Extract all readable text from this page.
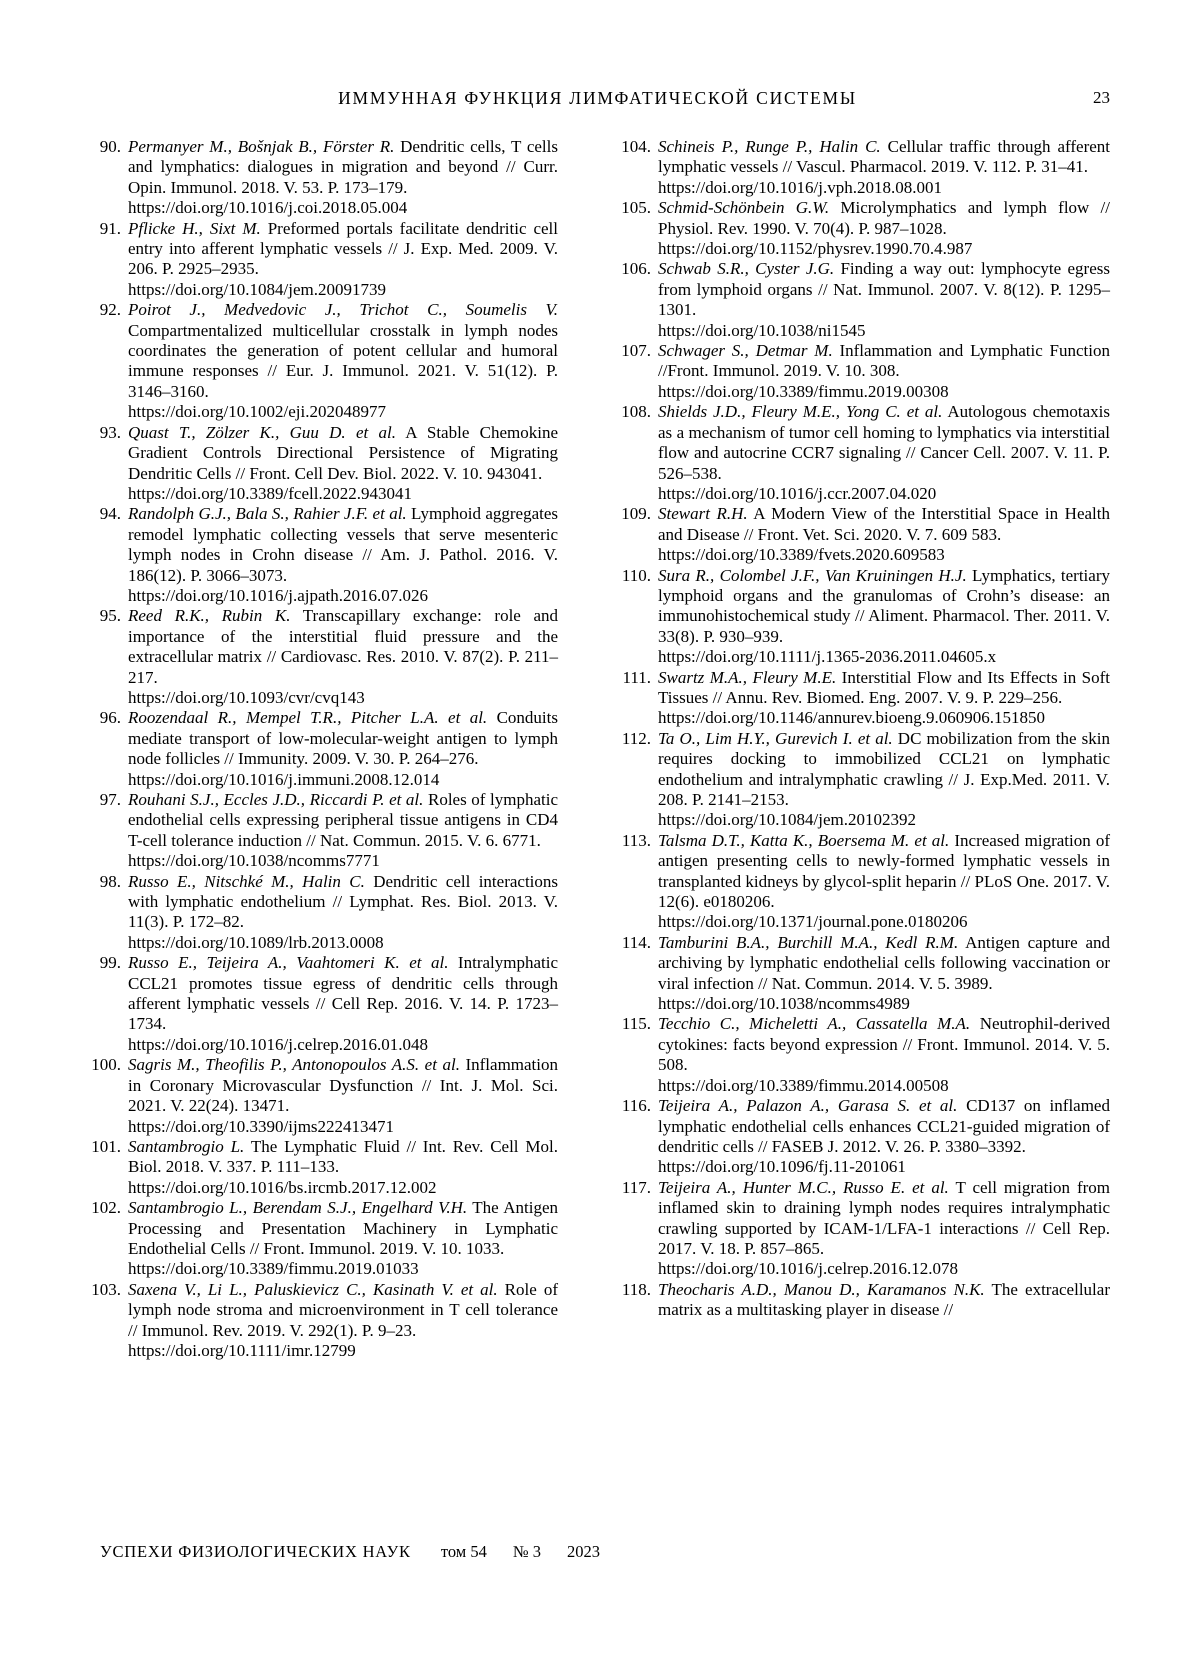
ИММУННАЯ ФУНКЦИЯ ЛИМФАТИЧЕСКОЙ СИСТЕМЫ	23
90. Permanyer M., Bošnjak B., Förster R. Dendritic cells, T cells and lymphatics: dialogues in migration and beyond // Curr. Opin. Immunol. 2018. V. 53. P. 173–179.
https://doi.org/10.1016/j.coi.2018.05.004
91. Pflicke H., Sixt M. Preformed portals facilitate dendritic cell entry into afferent lymphatic vessels // J. Exp. Med. 2009. V. 206. P. 2925–2935.
https://doi.org/10.1084/jem.20091739
92. Poirot J., Medvedovic J., Trichot C., Soumelis V. Compartmentalized multicellular crosstalk in lymph nodes coordinates the generation of potent cellular and humoral immune responses // Eur. J. Immunol. 2021. V. 51(12). P. 3146–3160.
https://doi.org/10.1002/eji.202048977
93. Quast T., Zölzer K., Guu D. et al. A Stable Chemokine Gradient Controls Directional Persistence of Migrating Dendritic Cells // Front. Cell Dev. Biol. 2022. V. 10. 943041.
https://doi.org/10.3389/fcell.2022.943041
94. Randolph G.J., Bala S., Rahier J.F. et al. Lymphoid aggregates remodel lymphatic collecting vessels that serve mesenteric lymph nodes in Crohn disease // Am. J. Pathol. 2016. V. 186(12). P. 3066–3073.
https://doi.org/10.1016/j.ajpath.2016.07.026
95. Reed R.K., Rubin K. Transcapillary exchange: role and importance of the interstitial fluid pressure and the extracellular matrix // Cardiovasc. Res. 2010. V. 87(2). P. 211–217.
https://doi.org/10.1093/cvr/cvq143
96. Roozendaal R., Mempel T.R., Pitcher L.A. et al. Conduits mediate transport of low-molecular-weight antigen to lymph node follicles // Immunity. 2009. V. 30. P. 264–276.
https://doi.org/10.1016/j.immuni.2008.12.014
97. Rouhani S.J., Eccles J.D., Riccardi P. et al. Roles of lymphatic endothelial cells expressing peripheral tissue antigens in CD4 T-cell tolerance induction // Nat. Commun. 2015. V. 6. 6771.
https://doi.org/10.1038/ncomms7771
98. Russo E., Nitschké M., Halin C. Dendritic cell interactions with lymphatic endothelium // Lymphat. Res. Biol. 2013. V. 11(3). P. 172–82.
https://doi.org/10.1089/lrb.2013.0008
99. Russo E., Teijeira A., Vaahtomeri K. et al. Intralymphatic CCL21 promotes tissue egress of dendritic cells through afferent lymphatic vessels // Cell Rep. 2016. V. 14. P. 1723–1734.
https://doi.org/10.1016/j.celrep.2016.01.048
100. Sagris M., Theofilis P., Antonopoulos A.S. et al. Inflammation in Coronary Microvascular Dysfunction // Int. J. Mol. Sci. 2021. V. 22(24). 13471.
https://doi.org/10.3390/ijms222413471
101. Santambrogio L. The Lymphatic Fluid // Int. Rev. Cell Mol. Biol. 2018. V. 337. P. 111–133.
https://doi.org/10.1016/bs.ircmb.2017.12.002
102. Santambrogio L., Berendam S.J., Engelhard V.H. The Antigen Processing and Presentation Machinery in Lymphatic Endothelial Cells // Front. Immunol. 2019. V. 10. 1033.
https://doi.org/10.3389/fimmu.2019.01033
103. Saxena V., Li L., Paluskievicz C., Kasinath V. et al. Role of lymph node stroma and microenvironment in T cell tolerance // Immunol. Rev. 2019. V. 292(1). P. 9–23.
https://doi.org/10.1111/imr.12799
104. Schineis P., Runge P., Halin C. Cellular traffic through afferent lymphatic vessels // Vascul. Pharmacol. 2019. V. 112. P. 31–41.
https://doi.org/10.1016/j.vph.2018.08.001
105. Schmid-Schönbein G.W. Microlymphatics and lymph flow // Physiol. Rev. 1990. V. 70(4). P. 987–1028.
https://doi.org/10.1152/physrev.1990.70.4.987
106. Schwab S.R., Cyster J.G. Finding a way out: lymphocyte egress from lymphoid organs // Nat. Immunol. 2007. V. 8(12). P. 1295–1301.
https://doi.org/10.1038/ni1545
107. Schwager S., Detmar M. Inflammation and Lymphatic Function //Front. Immunol. 2019. V. 10. 308.
https://doi.org/10.3389/fimmu.2019.00308
108. Shields J.D., Fleury M.E., Yong C. et al. Autologous chemotaxis as a mechanism of tumor cell homing to lymphatics via interstitial flow and autocrine CCR7 signaling // Cancer Cell. 2007. V. 11. P. 526–538.
https://doi.org/10.1016/j.ccr.2007.04.020
109. Stewart R.H. A Modern View of the Interstitial Space in Health and Disease // Front. Vet. Sci. 2020. V. 7. 609 583.
https://doi.org/10.3389/fvets.2020.609583
110. Sura R., Colombel J.F., Van Kruiningen H.J. Lymphatics, tertiary lymphoid organs and the granulomas of Crohn’s disease: an immunohistochemical study // Aliment. Pharmacol. Ther. 2011. V. 33(8). P. 930–939.
https://doi.org/10.1111/j.1365-2036.2011.04605.x
111. Swartz M.A., Fleury M.E. Interstitial Flow and Its Effects in Soft Tissues // Annu. Rev. Biomed. Eng. 2007. V. 9. P. 229–256.
https://doi.org/10.1146/annurev.bioeng.9.060906.151850
112. Ta O., Lim H.Y., Gurevich I. et al. DC mobilization from the skin requires docking to immobilized CCL21 on lymphatic endothelium and intralymphatic crawling // J. Exp.Med. 2011. V. 208. P. 2141–2153.
https://doi.org/10.1084/jem.20102392
113. Talsma D.T., Katta K., Boersema M. et al. Increased migration of antigen presenting cells to newly-formed lymphatic vessels in transplanted kidneys by glycol-split heparin // PLoS One. 2017. V. 12(6). e0180206.
https://doi.org/10.1371/journal.pone.0180206
114. Tamburini B.A., Burchill M.A., Kedl R.M. Antigen capture and archiving by lymphatic endothelial cells following vaccination or viral infection // Nat. Commun. 2014. V. 5. 3989.
https://doi.org/10.1038/ncomms4989
115. Tecchio C., Micheletti A., Cassatella M.A. Neutrophil-derived cytokines: facts beyond expression // Front. Immunol. 2014. V. 5. 508.
https://doi.org/10.3389/fimmu.2014.00508
116. Teijeira A., Palazon A., Garasa S. et al. CD137 on inflamed lymphatic endothelial cells enhances CCL21-guided migration of dendritic cells // FASEB J. 2012. V. 26. P. 3380–3392.
https://doi.org/10.1096/fj.11-201061
117. Teijeira A., Hunter M.C., Russo E. et al. T cell migration from inflamed skin to draining lymph nodes requires intralymphatic crawling supported by ICAM-1/LFA-1 interactions // Cell Rep. 2017. V. 18. P. 857–865.
https://doi.org/10.1016/j.celrep.2016.12.078
118. Theocharis A.D., Manou D., Karamanos N.K. The extracellular matrix as a multitasking player in disease //
УСПЕХИ ФИЗИОЛОГИЧЕСКИХ НАУК том 54 № 3 2023
